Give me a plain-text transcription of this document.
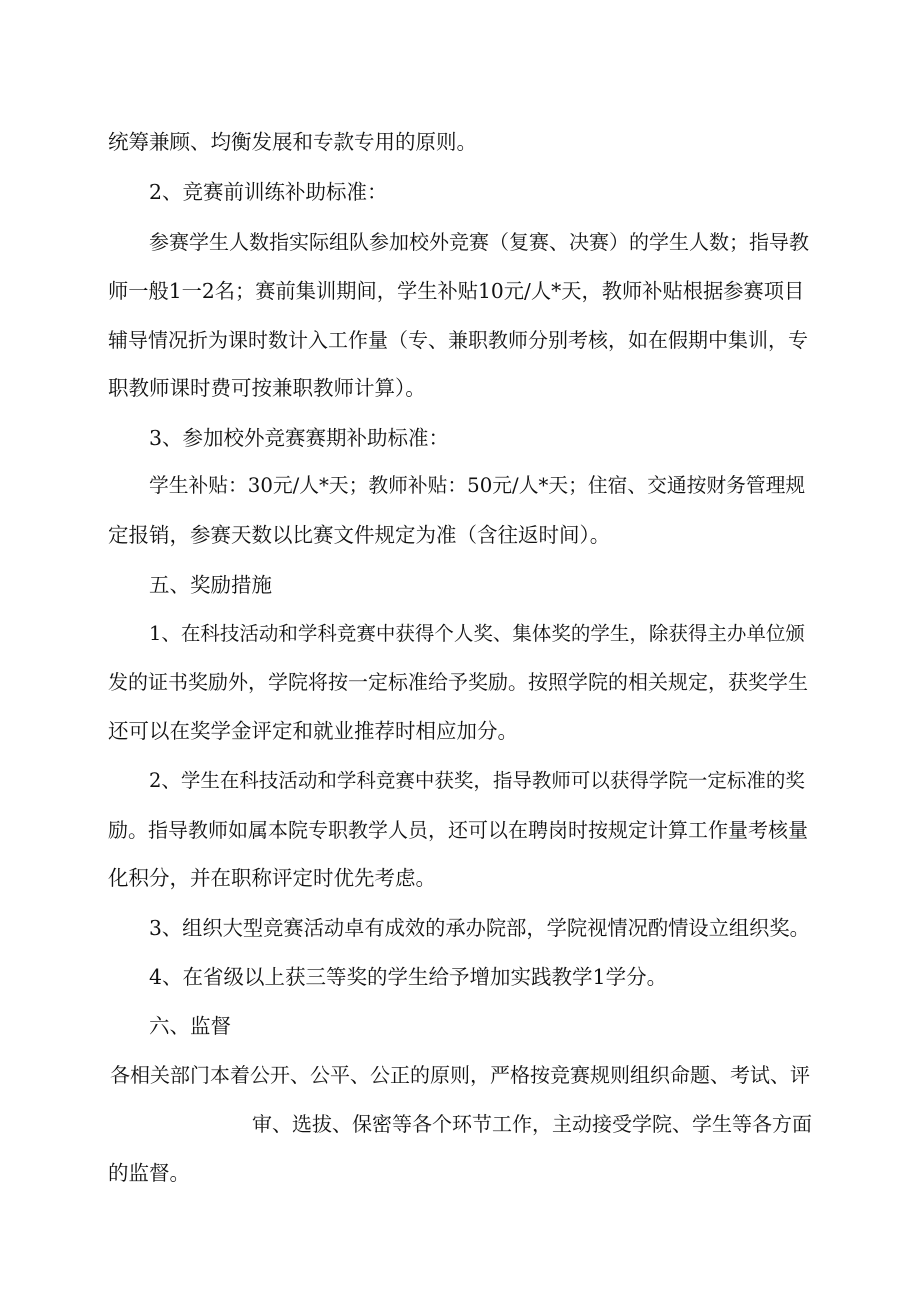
统筹兼顾、均衡发展和专款专用的原则。
2、竞赛前训练补助标准：
参赛学生人数指实际组队参加校外竞赛（复赛、决赛）的学生人数；指导教
师一般1一2名；赛前集训期间，学生补贴10元/人*天，教师补贴根据参赛项目
辅导情况折为课时数计入工作量（专、兼职教师分别考核，如在假期中集训，专
职教师课时费可按兼职教师计算）。
3、参加校外竞赛赛期补助标准：
学生补贴：30元/人*天；教师补贴：50元/人*天；住宿、交通按财务管理规
定报销，参赛天数以比赛文件规定为准（含往返时间）。
五、奖励措施
1、在科技活动和学科竞赛中获得个人奖、集体奖的学生，除获得主办单位颁
发的证书奖励外，学院将按一定标准给予奖励。按照学院的相关规定，获奖学生
还可以在奖学金评定和就业推荐时相应加分。
2、学生在科技活动和学科竞赛中获奖，指导教师可以获得学院一定标准的奖
励。指导教师如属本院专职教学人员，还可以在聘岗时按规定计算工作量考核量
化积分，并在职称评定时优先考虑。
3、组织大型竞赛活动卓有成效的承办院部，学院视情况酌情设立组织奖。
4、在省级以上获三等奖的学生给予增加实践教学1学分。
六、监督
各相关部门本着公开、公平、公正的原则，严格按竞赛规则组织命题、考试、评
审、选拔、保密等各个环节工作，主动接受学院、学生等各方面
的监督。
